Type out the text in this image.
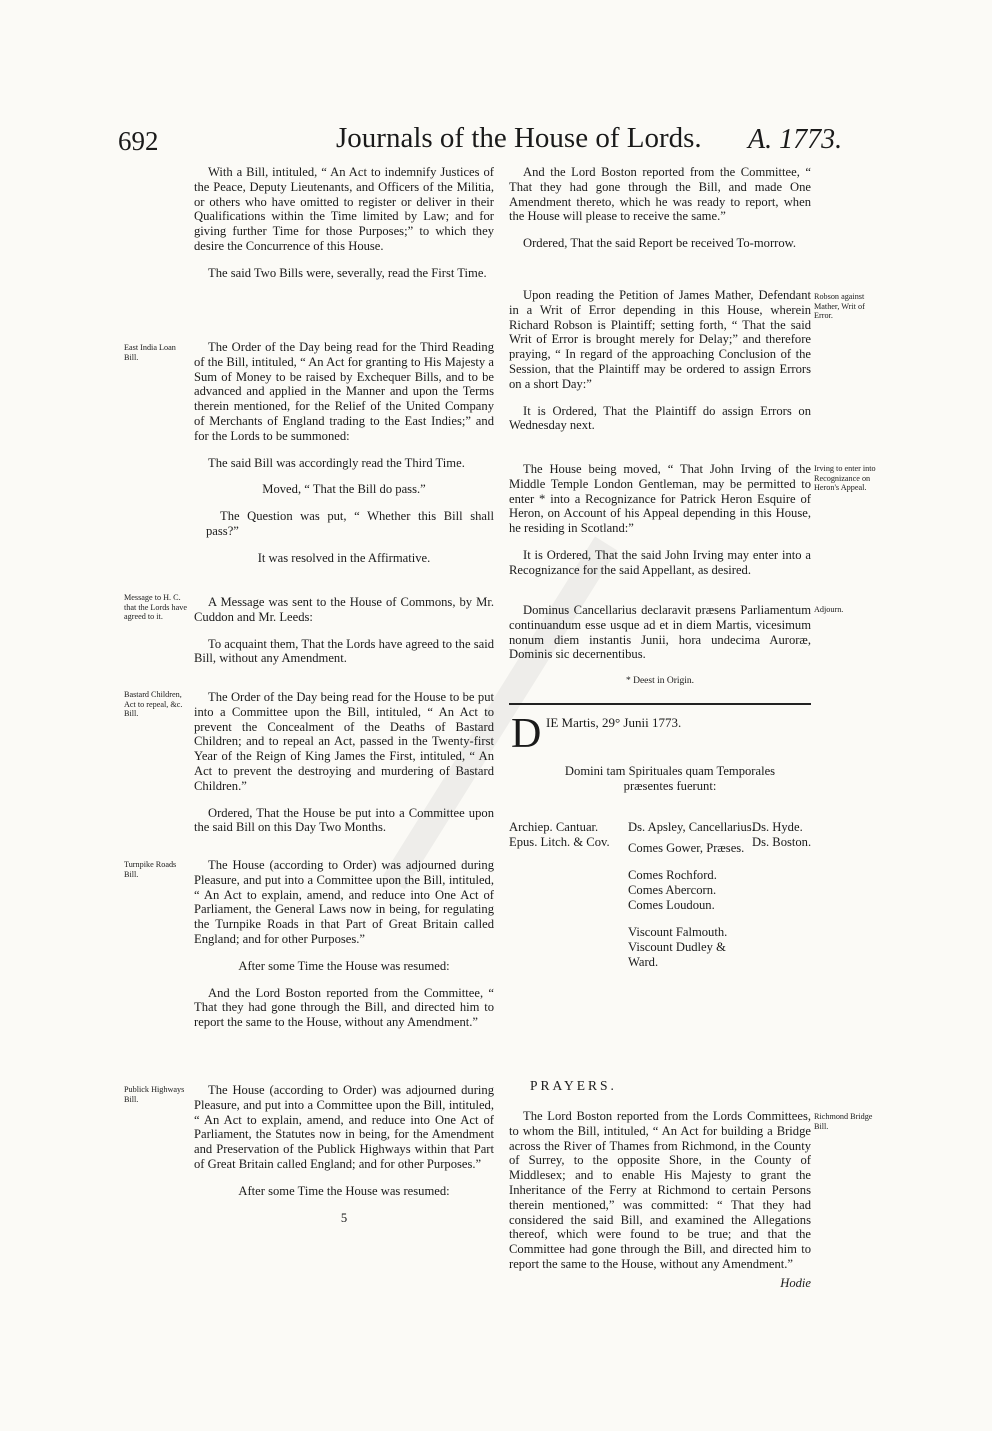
692	Journals of the House of Lords. A. 1773.

With a Bill, intituled, “ An Act to indemnify Justices of the Peace, Deputy Lieutenants, and Officers of the Militia, or others who have omitted to register or deliver in their Qualifications within the Time limited by Law; and for giving further Time for those Purposes;” to which they desire the Concurrence of this House.

The said Two Bills were, severally, read the First Time.

The Order of the Day being read for the Third Reading of the Bill, intituled, “ An Act for granting to His Majesty a Sum of Money to be raised by Exchequer Bills, and to be advanced and applied in the Manner and upon the Terms therein mentioned, for the Relief of the United Company of Merchants of England trading to the East Indies;” and for the Lords to be summoned:

The said Bill was accordingly read the Third Time.

Moved, “ That the Bill do pass.”

The Question was put, “ Whether this Bill shall pass?”

It was resolved in the Affirmative.

A Message was sent to the House of Commons, by Mr. Cuddon and Mr. Leeds:

To acquaint them, That the Lords have agreed to the said Bill, without any Amendment.

The Order of the Day being read for the House to be put into a Committee upon the Bill, intituled, “ An Act to prevent the Concealment of the Deaths of Bastard Children; and to repeal an Act, passed in the Twenty-first Year of the Reign of King James the First, intituled, “ An Act to prevent the destroying and murdering of Bastard Children.”

Ordered, That the House be put into a Committee upon the said Bill on this Day Two Months.

The House (according to Order) was adjourned during Pleasure, and put into a Committee upon the Bill, intituled, “ An Act to explain, amend, and reduce into One Act of Parliament, the General Laws now in being, for regulating the Turnpike Roads in that Part of Great Britain called England; and for other Purposes.”

After some Time the House was resumed:

And the Lord Boston reported from the Committee, “ That they had gone through the Bill, and directed him to report the same to the House, without any Amendment.”

The House (according to Order) was adjourned during Pleasure, and put into a Committee upon the Bill, intituled, “ An Act to explain, amend, and reduce into One Act of Parliament, the Statutes now in being, for the Amendment and Preservation of the Publick Highways within that Part of Great Britain called England; and for other Purposes.”

After some Time the House was resumed:

5

East India Loan Bill.
Message to H. C. that the Lords have agreed to it.
Bastard Children, Act to repeal, &c. Bill.
Turnpike Roads Bill.
Publick Highways Bill.

And the Lord Boston reported from the Committee, “ That they had gone through the Bill, and made One Amendment thereto, which he was ready to report, when the House will please to receive the same.”

Ordered, That the said Report be received To-morrow.

Upon reading the Petition of James Mather, Defendant in a Writ of Error depending in this House, wherein Richard Robson is Plaintiff; setting forth, “ That the said Writ of Error is brought merely for Delay;” and therefore praying, “ In regard of the approaching Conclusion of the Session, that the Plaintiff may be ordered to assign Errors on a short Day:”

It is Ordered, That the Plaintiff do assign Errors on Wednesday next.

The House being moved, “ That John Irving of the Middle Temple London Gentleman, may be permitted to enter * into a Recognizance for Patrick Heron Esquire of Heron, on Account of his Appeal depending in this House, he residing in Scotland:”

It is Ordered, That the said John Irving may enter into a Recognizance for the said Appellant, as desired.

Dominus Cancellarius declaravit præsens Parliamentum continuandum esse usque ad et in diem Martis, vicesimum nonum diem instantis Junii, hora undecima Auroræ, Dominis sic decernentibus.

* Deest in Origin.

D IE Martis, 29° Junii 1773.
Domini tam Spirituales quam Temporales præsentes fuerunt:
Archiep. Cantuar.
Epus. Litch. & Cov.
Ds. Apsley, Cancellarius.
Comes Gower, Præses.
Comes Rochford.
Comes Abercorn.
Comes Loudoun.
Viscount Falmouth.
Viscount Dudley & Ward.
Ds. Hyde.
Ds. Boston.
PRAYERS.

The Lord Boston reported from the Lords Committees, to whom the Bill, intituled, “ An Act for building a Bridge across the River of Thames from Richmond, in the County of Surrey, to the opposite Shore, in the County of Middlesex; and to enable His Majesty to grant the Inheritance of the Ferry at Richmond to certain Persons therein mentioned,” was committed: “ That they had considered the said Bill, and examined the Allegations thereof, which were found to be true; and that the Committee had gone through the Bill, and directed him to report the same to the House, without any Amendment.”

Hodie
Robson against Mather, Writ of Error.
Irving to enter into Recognizance on Heron's Appeal.
Adjourn.
Richmond Bridge Bill.
